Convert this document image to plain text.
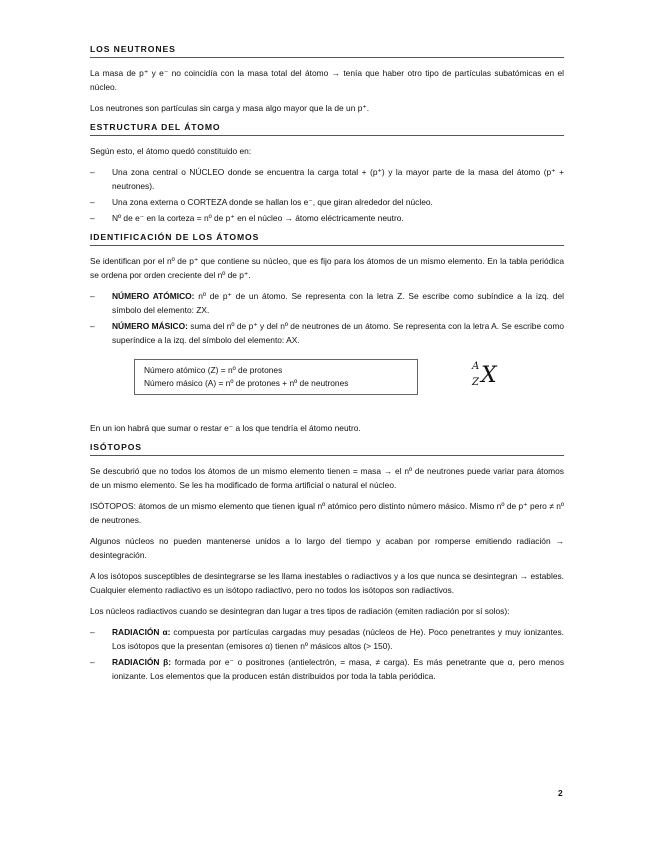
LOS NEUTRONES

La masa de p⁺ y e⁻ no coincidía con la masa total del átomo → tenía que haber otro tipo de partículas subatómicas en el núcleo.

Los neutrones son partículas sin carga y masa algo mayor que la de un p⁺.

ESTRUCTURA DEL ÁTOMO

Según esto, el átomo quedó constituido en:

– Una zona central o NÚCLEO donde se encuentra la carga total + (p⁺) y la mayor parte de la masa del átomo (p⁺ + neutrones).
– Una zona externa o CORTEZA donde se hallan los e⁻, que giran alrededor del núcleo.
– Nº de e⁻ en la corteza = nº de p⁺ en el núcleo → átomo eléctricamente neutro.
IDENTIFICACIÓN DE LOS ÁTOMOS

Se identifican por el nº de p⁺ que contiene su núcleo, que es fijo para los átomos de un mismo elemento. En la tabla periódica se ordena por orden creciente del nº de p⁺.

– NÚMERO ATÓMICO: nº de p⁺ de un átomo. Se representa con la letra Z. Se escribe como subíndice a la izq. del símbolo del elemento: ZX.
– NÚMERO MÁSICO: suma del nº de p⁺ y del nº de neutrones de un átomo. Se representa con la letra A. Se escribe como superíndice a la izq. del símbolo del elemento: AX.
Número atómico (Z) = nº de protones
Número másico (A) = nº de protones + nº de neutrones
A
Z X

En un ion habrá que sumar o restar e⁻ a los que tendría el átomo neutro.

ISÓTOPOS

Se descubrió que no todos los átomos de un mismo elemento tienen = masa → el nº de neutrones puede variar para átomos de un mismo elemento. Se les ha modificado de forma artificial o natural el núcleo.

ISÓTOPOS: átomos de un mismo elemento que tienen igual nº atómico pero distinto número másico. Mismo nº de p⁺ pero ≠ nº de neutrones.

Algunos núcleos no pueden mantenerse unidos a lo largo del tiempo y acaban por romperse emitiendo radiación → desintegración.

A los isótopos susceptibles de desintegrarse se les llama inestables o radiactivos y a los que nunca se desintegran → estables. Cualquier elemento radiactivo es un isótopo radiactivo, pero no todos los isótopos son radiactivos.

Los núcleos radiactivos cuando se desintegran dan lugar a tres tipos de radiación (emiten radiación por sí solos):

– RADIACIÓN α: compuesta por partículas cargadas muy pesadas (núcleos de He). Poco penetrantes y muy ionizantes. Los isótopos que la presentan (emisores α) tienen nº másicos altos (> 150).
– RADIACIÓN β: formada por e⁻ o positrones (antielectrón, = masa, ≠ carga). Es más penetrante que α, pero menos ionizante. Los elementos que la producen están distribuidos por toda la tabla periódica.
2
